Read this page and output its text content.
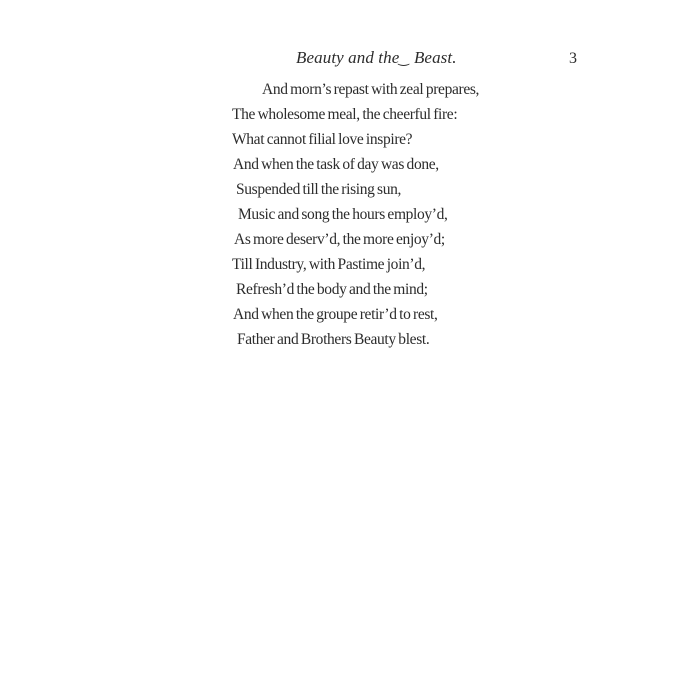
Beauty and the‿ Beast.	3

And morn’s repast with zeal prepares,

The wholesome meal, the cheerful fire:

What cannot filial love inspire?

And when the task of day was done,

Suspended till the rising sun,

Music and song the hours employ’d,

As more deserv’d, the more enjoy’d;

Till Industry, with Pastime join’d,

Refresh’d the body and the mind;

And when the groupe retir’d to rest,

Father and Brothers Beauty blest.
